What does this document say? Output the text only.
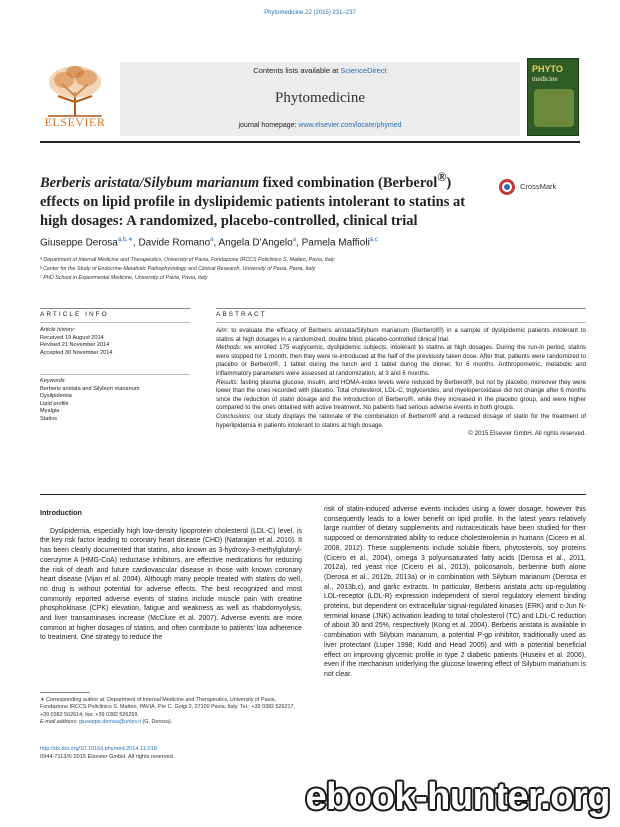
Phytomedicine 22 (2015) 231–237
ELSEVIER
Contents lists available at ScienceDirect
Phytomedicine
journal homepage: www.elsevier.com/locate/phymed
PHYTO
medicine
Berberis aristata/Silybum marianum fixed combination (Berberol®) effects on lipid profile in dyslipidemic patients intolerant to statins at high dosages: A randomized, placebo-controlled, clinical trial
CrossMark
Giuseppe Derosa$^{a,b,∗}$, Davide Romano$^a$, Angela D'Angelo$^a$, Pamela Maffioli$^{a,c}$
ᵃ Department of Internal Medicine and Therapeutics, University of Pavia, Fondazione IRCCS Policlinico S. Matteo, Pavia, Italy
ᵇ Center for the Study of Endocrine-Metabolic Pathophysiology and Clinical Research, University of Pavia, Pavia, Italy
ᶜ PhD School in Experimental Medicine, University of Pavia, Pavia, Italy
ARTICLE INFO	ABSTRACT
Article history:
Received 19 August 2014
Revised 21 November 2014
Accepted 30 November 2014
Keywords:
Berberis aristata and Silybum marianum
Dyslipidemia
Lipid profile
Myalgia
Statins

Aim: to evaluate the efficacy of Berberis aristata/Silybum marianum (Berberol®) in a sample of dyslipidemic patients intolerant to statins at high dosages in a randomized, double blind, placebo-controlled clinical trial.

Methods: we enrolled 175 euglycemic, dyslipidemic subjects, intolerant to statins at high dosages. During the run-in period, statins were stopped for 1 month, then they were re-introduced at the half of the previously taken dose. After that, patients were randomized to placebo or Berberol®, 1 tablet during the lunch and 1 tablet during the dinner, for 6 months. Anthropometric, metabolic and inflammatory parameters were assessed at randomization, at 3 and 6 months.

Results: fasting plasma glucose, insulin, and HOMA-index levels were reduced by Berberol®, but not by placebo; moreover they were lower than the ones recorded with placebo. Total cholesterol, LDL-C, triglycerides, and myeloperoxidase did not change after 6 months since the reduction of statin dosage and the introduction of Berberol®, while they increased in the placebo group, and were higher compared to the ones obtained with active treatment. No patients had serious adverse events in both groups.

Conclusions: our study displays the rationale of the combination of Berberol® and a reduced dosage of statin for the treatment of hyperlipidemia in patients intolerant to statins at high dosage.

© 2015 Elsevier GmbH. All rights reserved.

Introduction

Dyslipidemia, especially high low-density lipoprotein cholesterol (LDL-C) level, is the key risk factor leading to coronary heart disease (CHD) (Natarajan et al. 2010). It has been clearly documented that statins, also known as 3-hydroxy-3-methylglutaryl-coenzyme A (HMG-CoA) reductase inhibitors, are effective medications for reducing the risk of death and future cardiovascular disease in those with known coronary heart disease (Vijan et al. 2004). Although many people treated with statins do well, no drug is without potential for adverse effects. The best recognized and most commonly reported adverse events of statins include muscle pain with creatine phosphokinase (CPK) elevation, fatigue and weakness as well as rhabdomyolysis, and liver transaminases increase (McClure et al. 2007). Adverse events are more common at higher dosages of statins, and often contribute to patients' low adherence to treatment. One strategy to reduce the

risk of statin-induced adverse events includes using a lower dosage, however this consequently leads to a lower benefit on lipid profile. In the latest years relatively large number of dietary supplements and nutraceuticals have been studied for their supposed or demonstrated ability to reduce cholesterolemia in humans (Cicero et al. 2008, 2012). These supplements include soluble fibers, phytosterols, soy proteins (Cicero et al., 2004), omega 3 polyunsaturated fatty acids (Derosa et al., 2011, 2012a), red yeast rice (Cicero et al., 2013), policosanols, berberine both alone (Derosa et al., 2012b, 2013a) or in combination with Silybum marianum (Derosa et al., 2013b,c), and garlic extracts. In particular, Berberis aristata acts up-regulating LDL-receptor (LDL-R) expression independent of sterol regulatory element binding proteins, but dependent on extracellular signal-regulated kinases (ERK) and c-Jun N-terminal kinase (JNK) activation leading to total cholesterol (TC) and LDL-C reduction of about 30 and 25%, respectively (Kong et al. 2004). Berberis aristata is available in combination with Silybum marianum, a potential P-gp inhibitor, traditionally used as liver protectant (Luper 1998; Kidd and Head 2005) and with a potential beneficial effect on improving glycemic profile in type 2 diabetic patients (Huseini et al. 2006), even if the mechanism underlying the glucose lowering effect of Silybum marianum is not clear.

∗ Corresponding author at: Department of Internal Medicine and Therapeutics, University of Pavia, Fondazione IRCCS Policlinico S. Matteo, PAVIA, P.le C. Golgi 2, 27100 Pavia, Italy. Tel.: +39 0382 526217, +39 0382 502614; fax: +39 0382 526259.
E-mail address: giuseppe.derosa@unipv.it (G. Derosa).
http://dx.doi.org/10.1016/j.phymed.2014.11.018
0944-7113/© 2015 Elsevier GmbH. All rights reserved.
ebook-hunter.org
